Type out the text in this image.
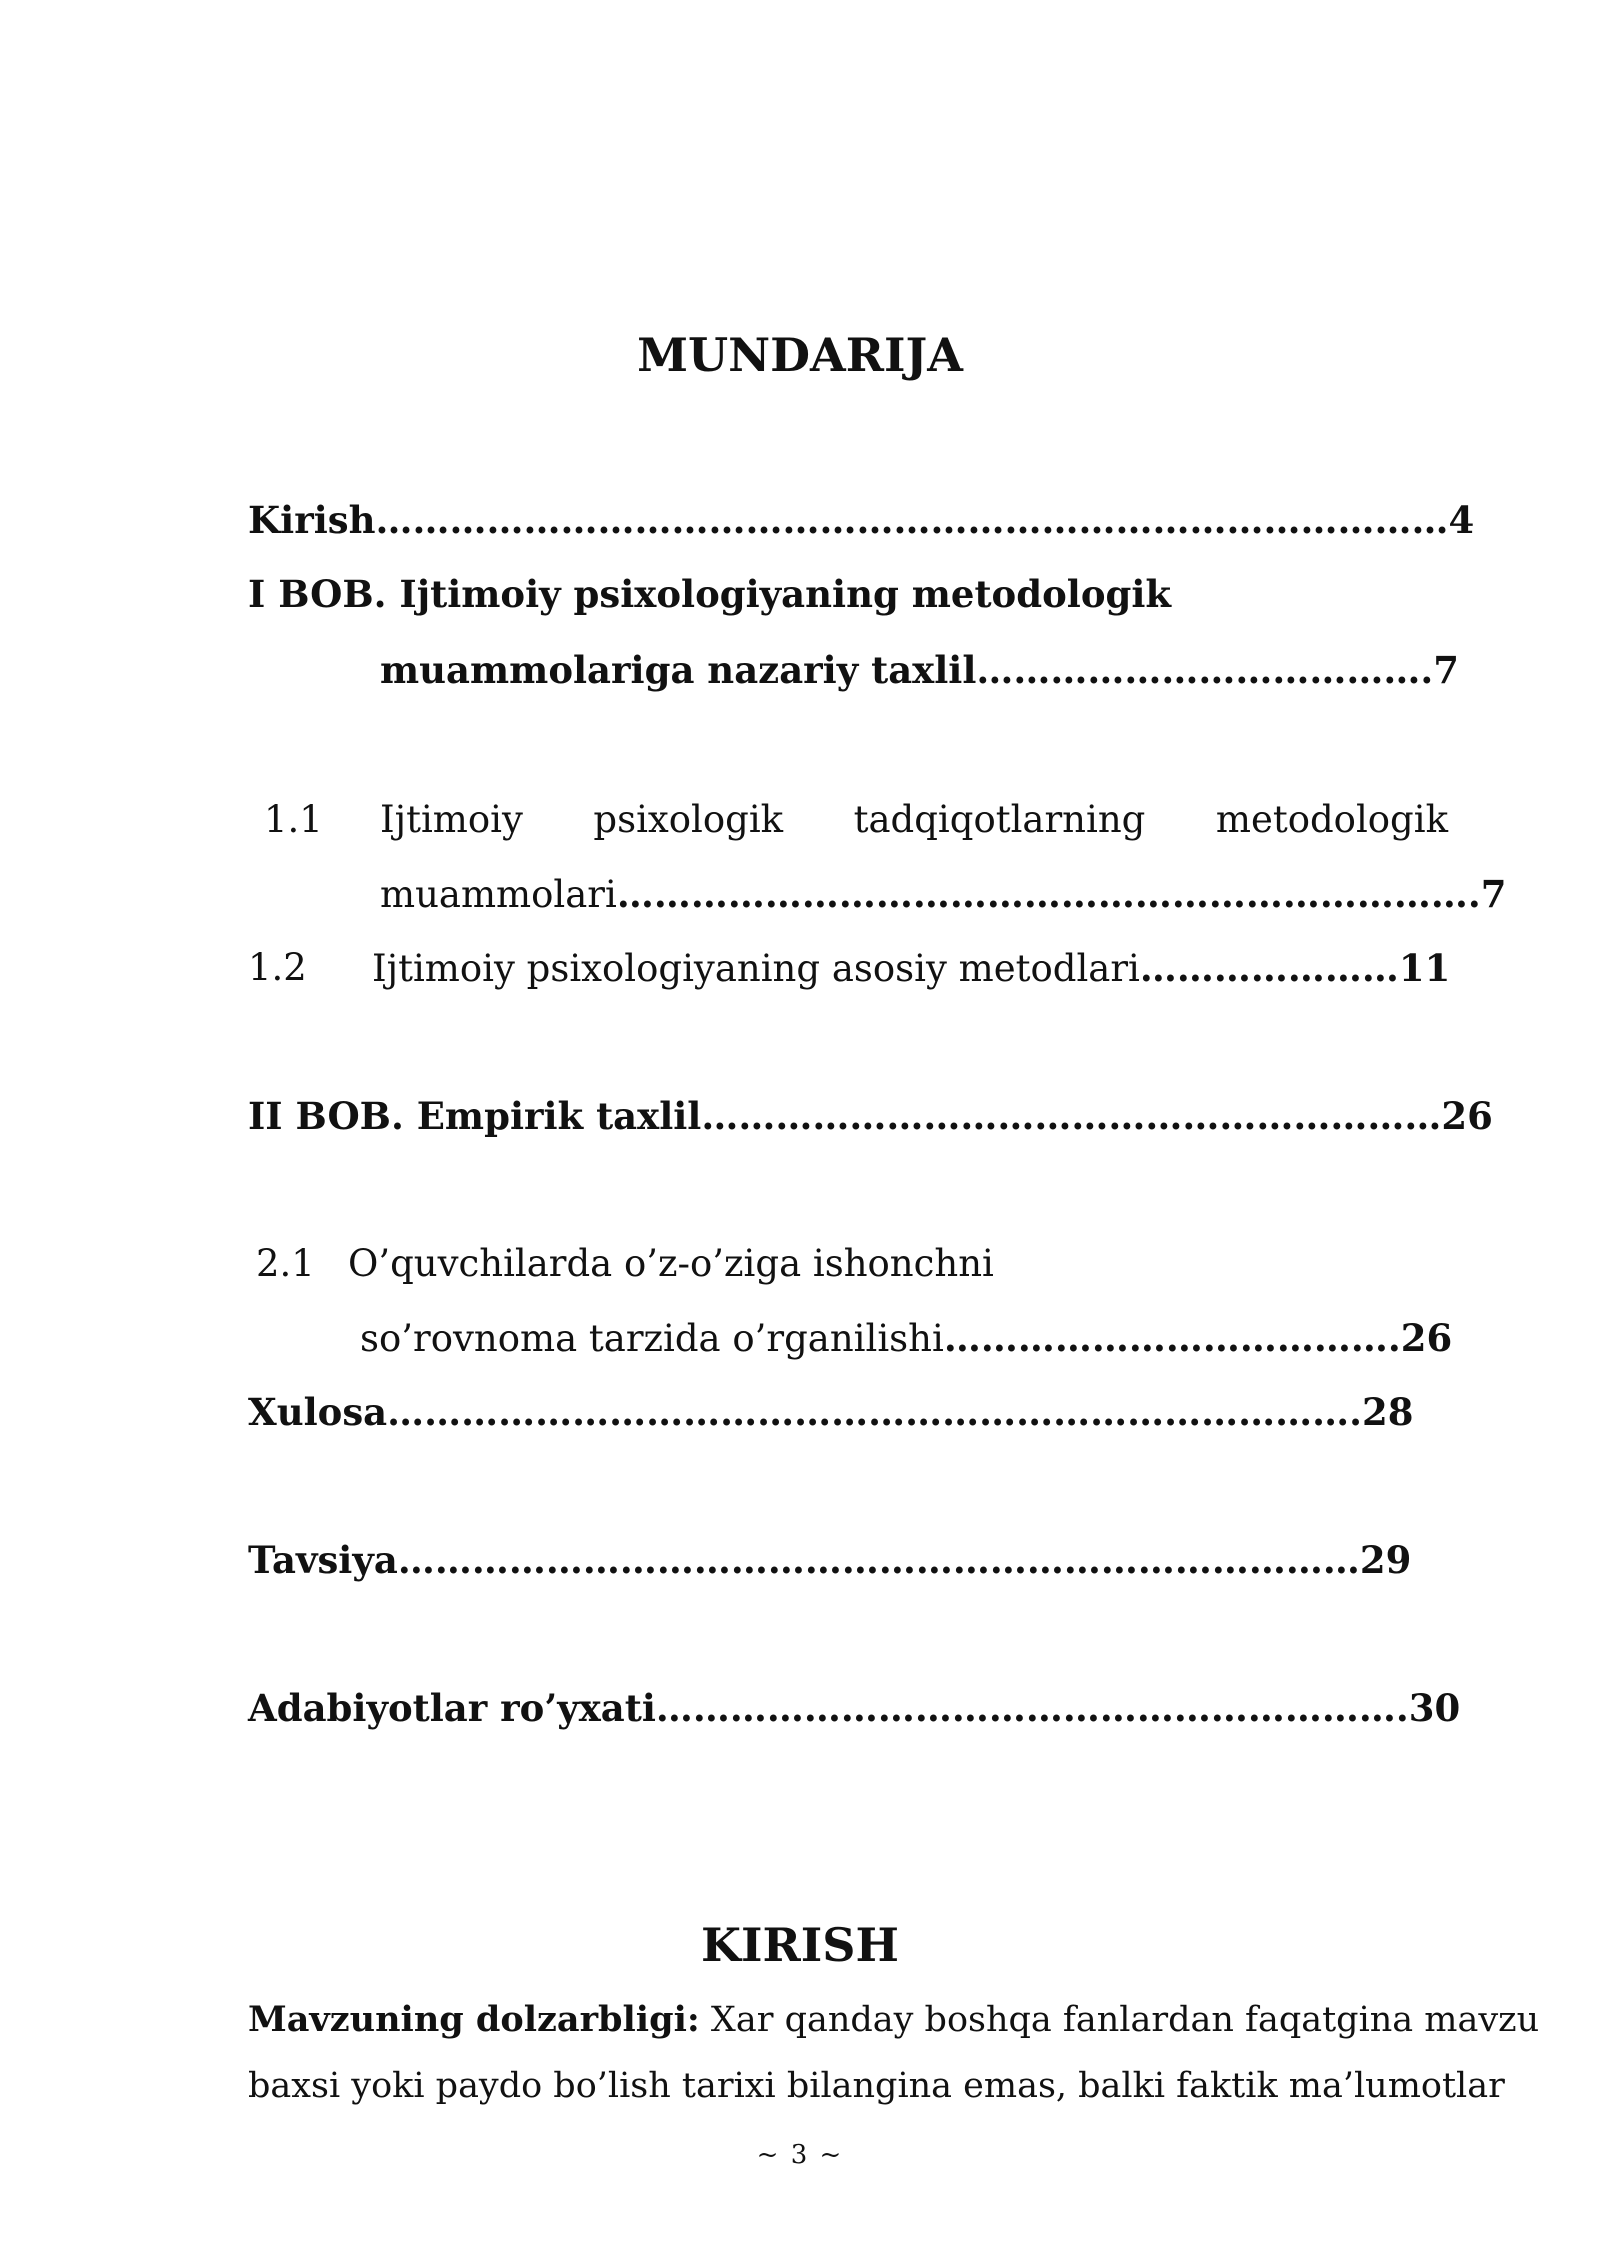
MUNDARIJA
Kirish……………………………………………………………………………4
I BOB. Ijtimoiy psixologiyaning metodologik
muammolariga nazariy taxlil……………………………….7
1.1 Ijtimoiy psixologik tadqiqotlarning metodologik
muammolari…………………………………………………………….7
1.2 Ijtimoiy psixologiyaning asosiy metodlari…………………11
II BOB. Empirik taxlil……………………………………………………26
2.1 O’quvchilarda o’z-o’ziga ishonchni
so’rovnoma tarzida o’rganilishi……………………………….26
Xulosa…………………………………………………………………….28
Tavsiya……………………………………………………………………29
Adabiyotlar ro’yxati…………………………………………………….30
KIRISH
Mavzuning dolzarbligi: Xar qanday boshqa fanlardan faqatgina mavzu
baxsi yoki paydo bo’lish tarixi bilangina emas, balki faktik ma’lumotlar
~ 3 ~
